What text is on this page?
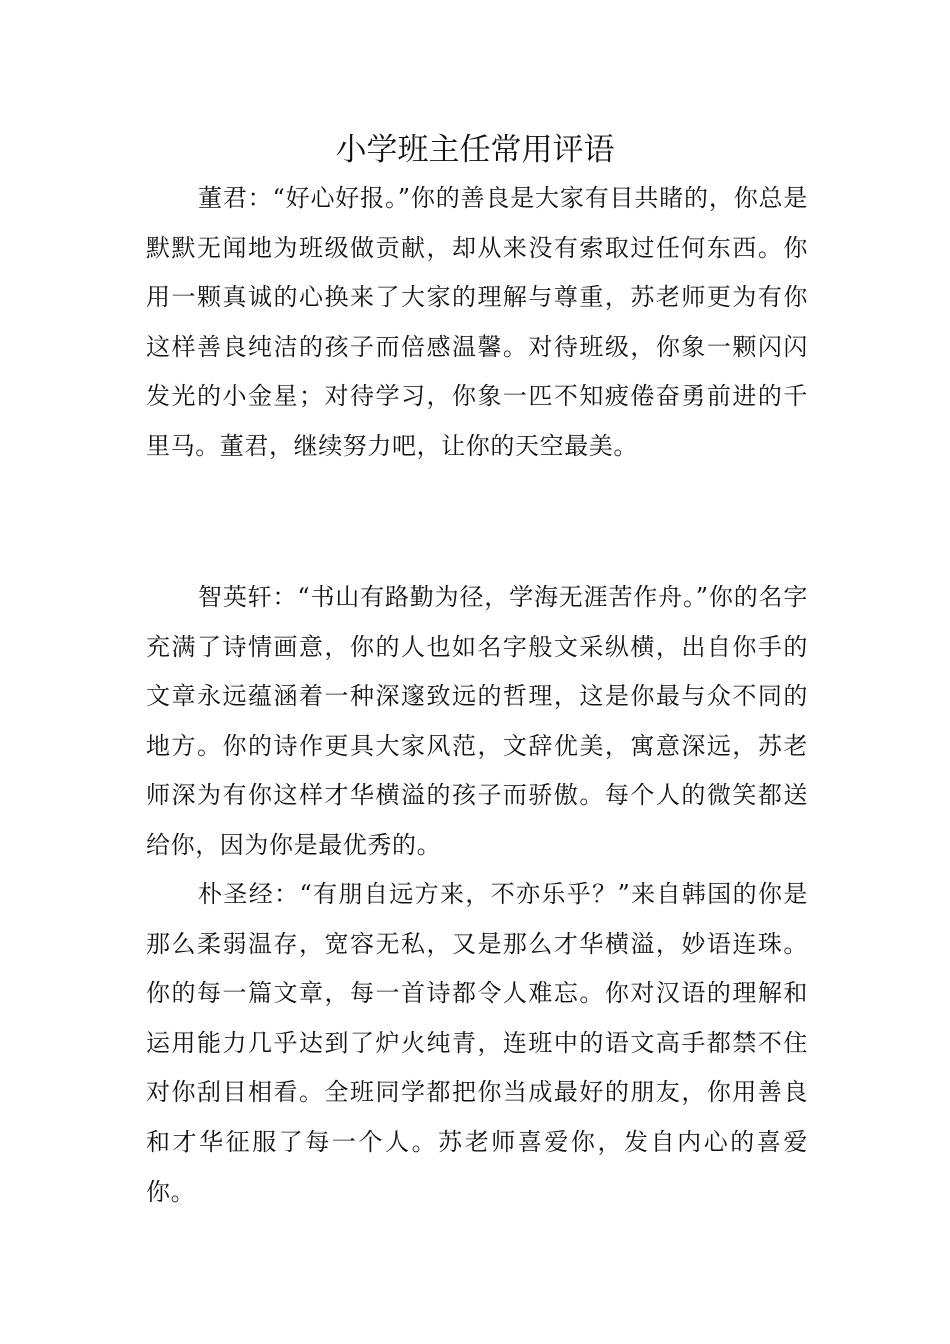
小学班主任常用评语

董君：“好心好报。”你的善良是大家有目共睹的，你总是默默无闻地为班级做贡献，却从来没有索取过任何东西。你用一颗真诚的心换来了大家的理解与尊重，苏老师更为有你这样善良纯洁的孩子而倍感温馨。对待班级，你象一颗闪闪发光的小金星；对待学习，你象一匹不知疲倦奋勇前进的千里马。董君，继续努力吧，让你的天空最美。

智英轩：“书山有路勤为径，学海无涯苦作舟。”你的名字充满了诗情画意，你的人也如名字般文采纵横，出自你手的文章永远蕴涵着一种深邃致远的哲理，这是你最与众不同的地方。你的诗作更具大家风范，文辞优美，寓意深远，苏老师深为有你这样才华横溢的孩子而骄傲。每个人的微笑都送给你，因为你是最优秀的。

朴圣经：“有朋自远方来，不亦乐乎？”来自韩国的你是那么柔弱温存，宽容无私，又是那么才华横溢，妙语连珠。你的每一篇文章，每一首诗都令人难忘。你对汉语的理解和运用能力几乎达到了炉火纯青，连班中的语文高手都禁不住对你刮目相看。全班同学都把你当成最好的朋友，你用善良和才华征服了每一个人。苏老师喜爱你，发自内心的喜爱你。
